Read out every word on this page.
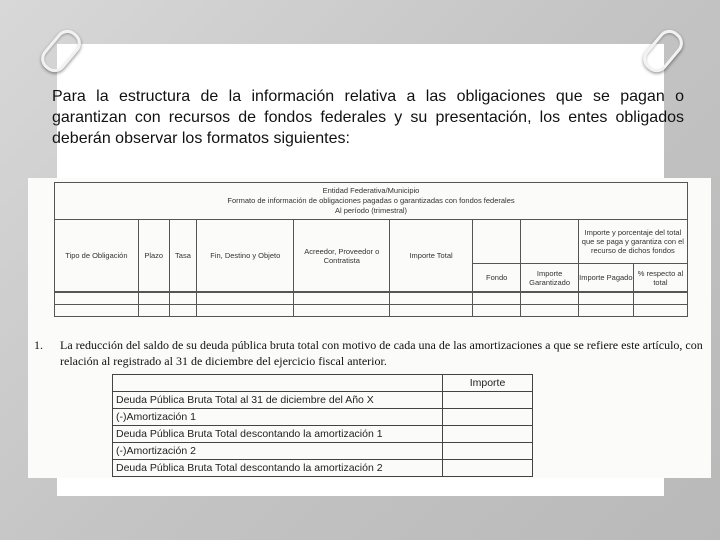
Para la estructura de la información relativa a las obligaciones que se pagan o garantizan con recursos de fondos federales y su presentación, los entes obligados deberán observar los formatos siguientes:

Entidad Federativa/Municipio
Formato de información de obligaciones pagadas o garantizadas con fondos federales
Al período (trimestral)									

Tipo de Obligación	Plazo	Tasa	Fin, Destino y Objeto	Acreedor, Proveedor o Contratista	Importe Total			Importe y porcentaje del total que se paga y garantiza con el recurso de dichos fondos	
						Fondo	Importe Garantizado	Importe Pagado	% respecto al total

1. La reducción del saldo de su deuda pública bruta total con motivo de cada una de las amortizaciones a que se refiere este artículo, con relación al registrado al 31 de diciembre del ejercicio fiscal anterior.
	Importe
Deuda Pública Bruta Total al 31 de diciembre del Año X	
(-)Amortización 1	
Deuda Pública Bruta Total descontando la amortización 1	
(-)Amortización 2	
Deuda Pública Bruta Total descontando la amortización 2	
